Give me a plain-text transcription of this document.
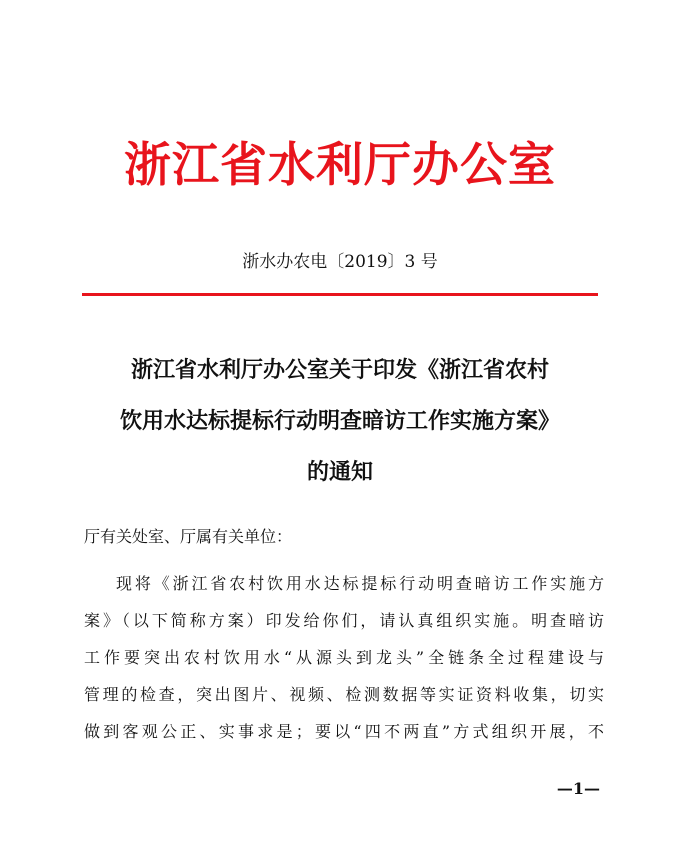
浙江省水利厅办公室
浙水办农电〔2019〕3 号
浙江省水利厅办公室关于印发《浙江省农村
饮用水达标提标行动明查暗访工作实施方案》
的通知
厅有关处室、厅属有关单位：
现将《浙江省农村饮用水达标提标行动明查暗访工作实施方
案》（以下简称方案）印发给你们，请认真组织实施。明查暗访
工作要突出农村饮用水“从源头到龙头”全链条全过程建设与
管理的检查，突出图片、视频、检测数据等实证资料收集，切实
做到客观公正、实事求是；要以“四不两直”方式组织开展，不
—1—
